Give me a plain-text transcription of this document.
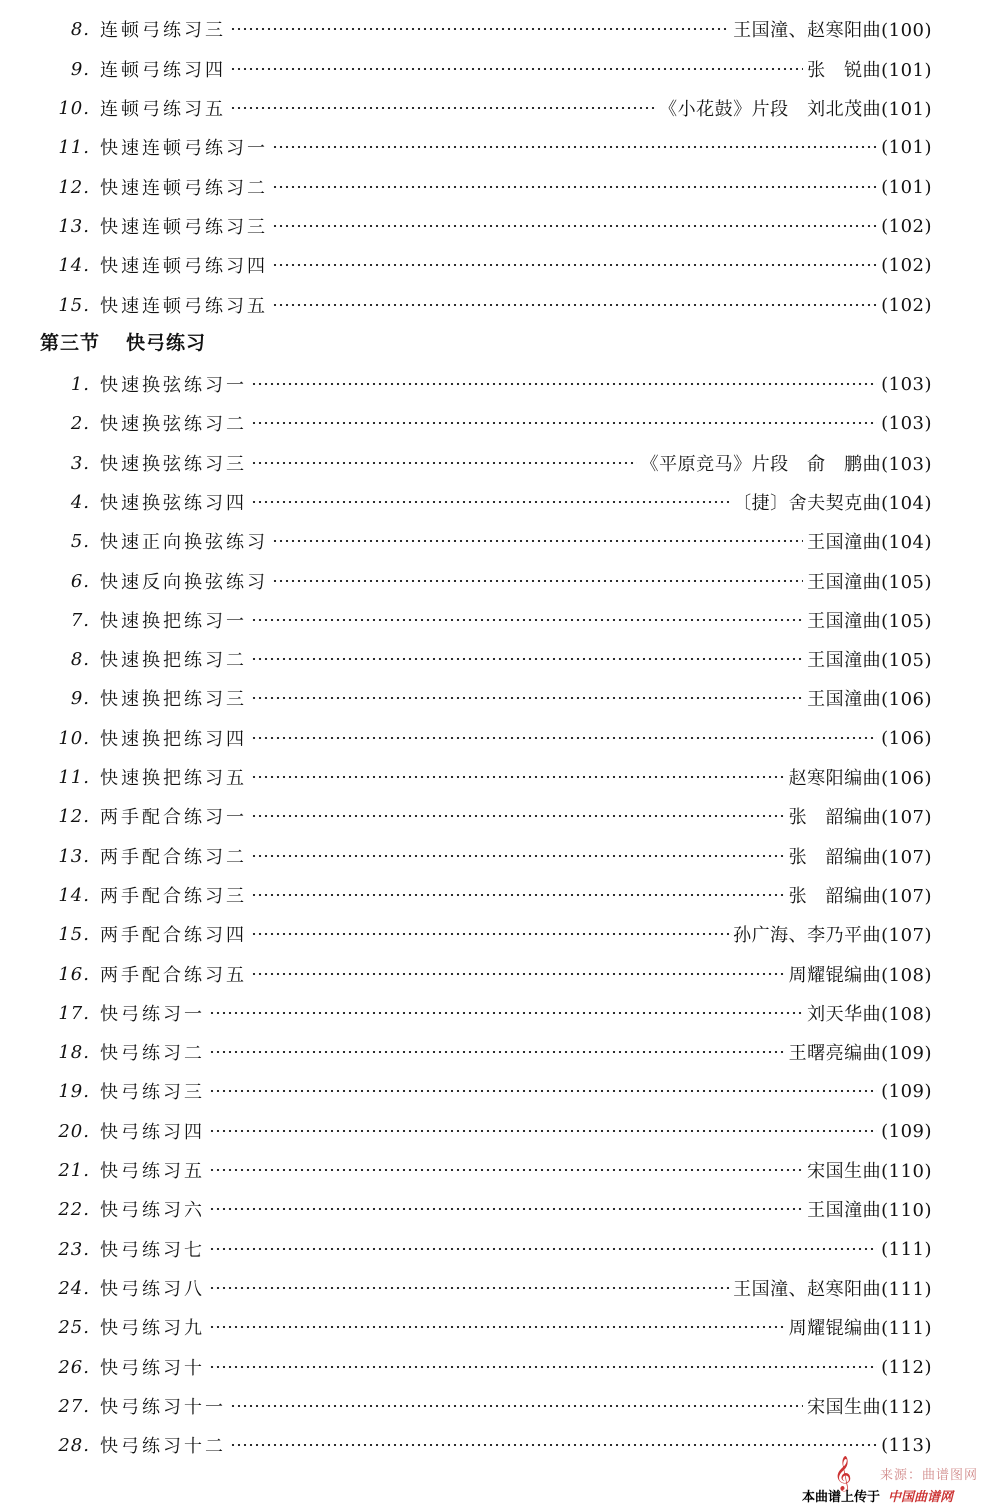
8. 连顿弓练习三	王国潼、赵寒阳曲(100)
9. 连顿弓练习四	张　锐曲(101)
10. 连顿弓练习五	《小花鼓》片段　刘北茂曲(101)
11. 快速连顿弓练习一	(101)
12. 快速连顿弓练习二	(101)
13. 快速连顿弓练习三	(102)
14. 快速连顿弓练习四	(102)
15. 快速连顿弓练习五	(102)
第三节 快弓练习
1. 快速换弦练习一	(103)
2. 快速换弦练习二	(103)
3. 快速换弦练习三	《平原竞马》片段　俞　鹏曲(103)
4. 快速换弦练习四	〔捷〕舍夫契克曲(104)
5. 快速正向换弦练习	王国潼曲(104)
6. 快速反向换弦练习	王国潼曲(105)
7. 快速换把练习一	王国潼曲(105)
8. 快速换把练习二	王国潼曲(105)
9. 快速换把练习三	王国潼曲(106)
10. 快速换把练习四	(106)
11. 快速换把练习五	赵寒阳编曲(106)
12. 两手配合练习一	张　韶编曲(107)
13. 两手配合练习二	张　韶编曲(107)
14. 两手配合练习三	张　韶编曲(107)
15. 两手配合练习四	孙广海、李乃平曲(107)
16. 两手配合练习五	周耀锟编曲(108)
17. 快弓练习一	刘天华曲(108)
18. 快弓练习二	王曙亮编曲(109)
19. 快弓练习三	(109)
20. 快弓练习四	(109)
21. 快弓练习五	宋国生曲(110)
22. 快弓练习六	王国潼曲(110)
23. 快弓练习七	(111)
24. 快弓练习八	王国潼、赵寒阳曲(111)
25. 快弓练习九	周耀锟编曲(111)
26. 快弓练习十	(112)
27. 快弓练习十一	宋国生曲(112)
28. 快弓练习十二	(113)
来源：曲谱图网
𝄞
本曲谱上传于 中国曲谱网
